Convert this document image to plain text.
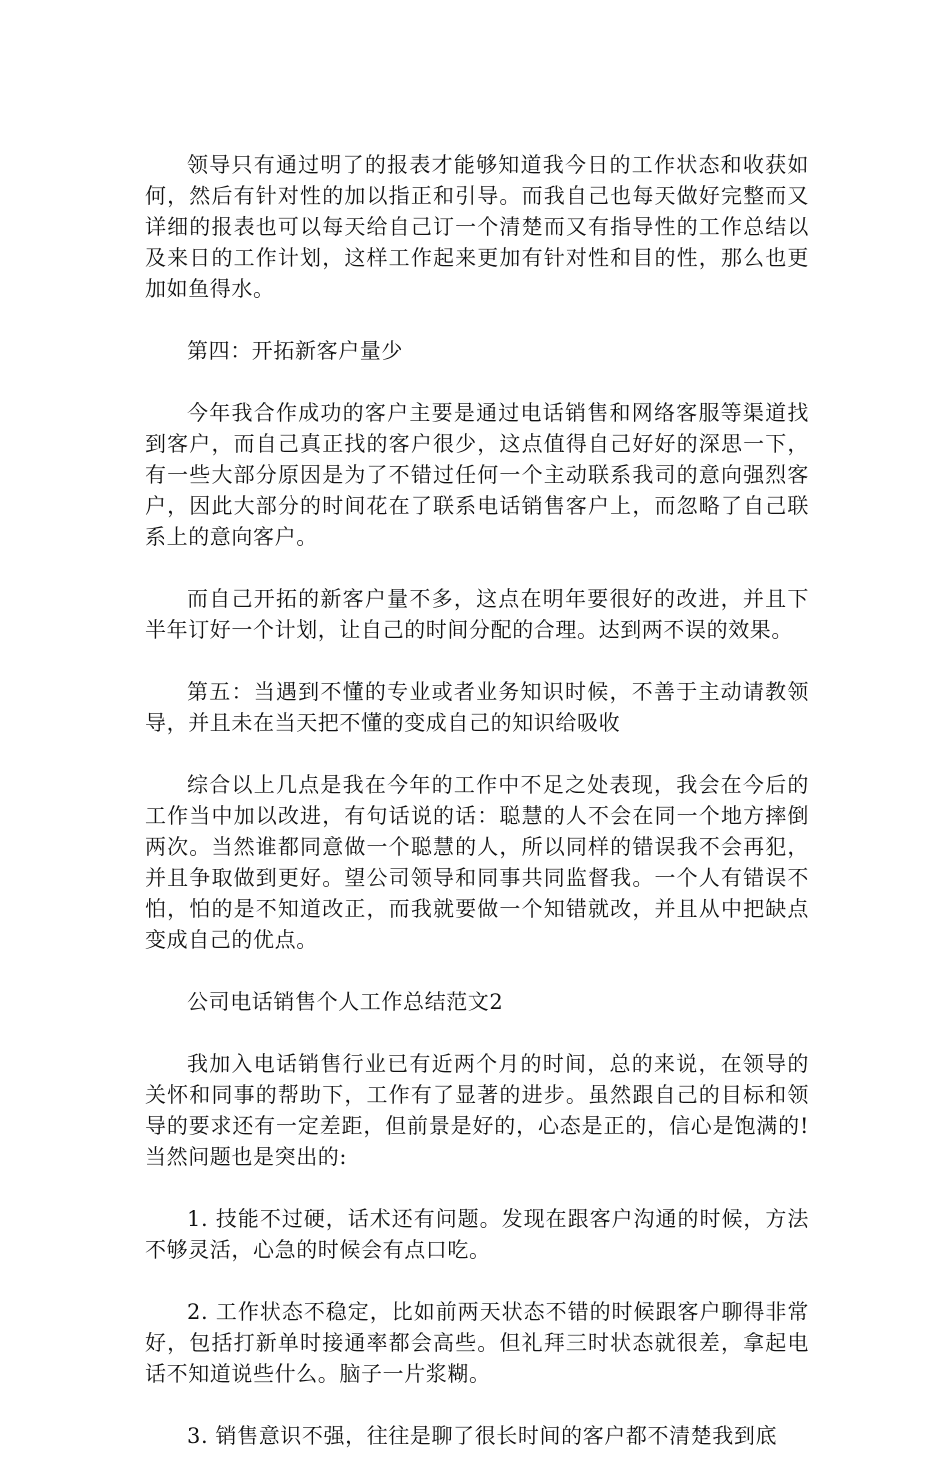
领导只有通过明了的报表才能够知道我今日的工作状态和收获如何，然后有针对性的加以指正和引导。而我自己也每天做好完整而又详细的报表也可以每天给自己订一个清楚而又有指导性的工作总结以及来日的工作计划，这样工作起来更加有针对性和目的性，那么也更加如鱼得水。

第四：开拓新客户量少

今年我合作成功的客户主要是通过电话销售和网络客服等渠道找到客户，而自己真正找的客户很少，这点值得自己好好的深思一下，有一些大部分原因是为了不错过任何一个主动联系我司的意向强烈客户，因此大部分的时间花在了联系电话销售客户上，而忽略了自己联系上的意向客户。

而自己开拓的新客户量不多，这点在明年要很好的改进，并且下半年订好一个计划，让自己的时间分配的合理。达到两不误的效果。

第五：当遇到不懂的专业或者业务知识时候，不善于主动请教领导，并且未在当天把不懂的变成自己的知识给吸收

综合以上几点是我在今年的工作中不足之处表现，我会在今后的工作当中加以改进，有句话说的话：聪慧的人不会在同一个地方摔倒两次。当然谁都同意做一个聪慧的人，所以同样的错误我不会再犯，并且争取做到更好。望公司领导和同事共同监督我。一个人有错误不怕，怕的是不知道改正，而我就要做一个知错就改，并且从中把缺点变成自己的优点。

公司电话销售个人工作总结范文2

我加入电话销售行业已有近两个月的时间，总的来说，在领导的关怀和同事的帮助下，工作有了显著的进步。虽然跟自己的目标和领导的要求还有一定差距，但前景是好的，心态是正的，信心是饱满的!当然问题也是突出的:

1. 技能不过硬，话术还有问题。发现在跟客户沟通的时候，方法不够灵活，心急的时候会有点口吃。

2. 工作状态不稳定，比如前两天状态不错的时候跟客户聊得非常好，包括打新单时接通率都会高些。但礼拜三时状态就很差，拿起电话不知道说些什么。脑子一片浆糊。

3. 销售意识不强，往往是聊了很长时间的客户都不清楚我到底
